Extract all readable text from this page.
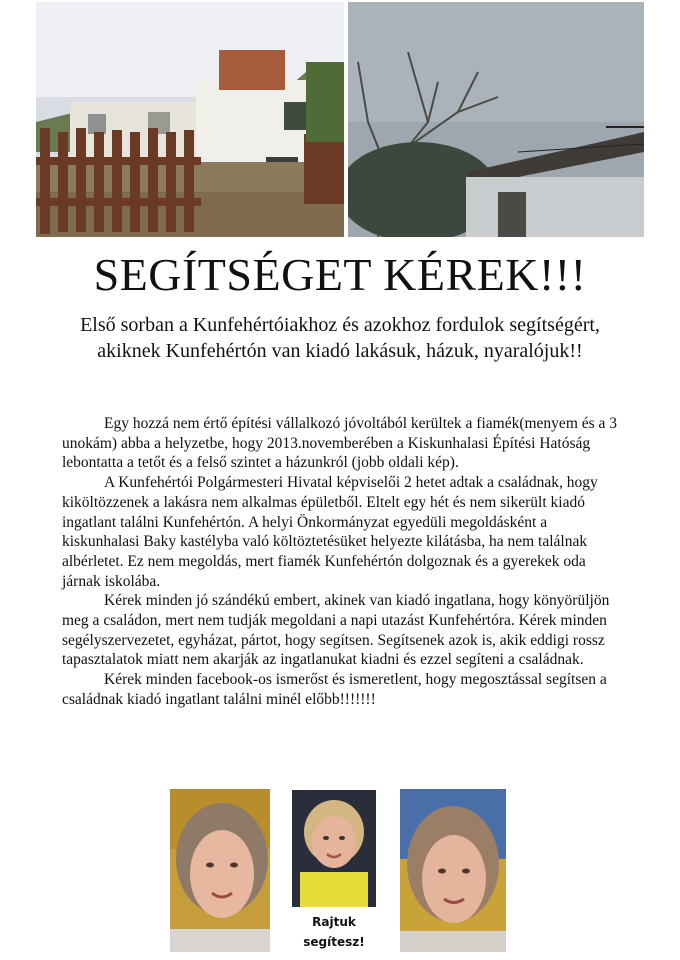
SEGÍTSÉGET KÉREK!!!
Első sorban a Kunfehértóiakhoz és azokhoz fordulok segítségért, akiknek Kunfehértón van kiadó lakásuk, házuk, nyaralójuk!!

Egy hozzá nem értő építési vállalkozó jóvoltából kerültek a fiamék(menyem és a 3 unokám) abba a helyzetbe, hogy 2013.novemberében a Kiskunhalasi Építési Hatóság lebontatta a tetőt és a felső szintet a házunkról (jobb oldali kép).

A Kunfehértói Polgármesteri Hivatal képviselői 2 hetet adtak a családnak, hogy kiköltözzenek a lakásra nem alkalmas épületből. Eltelt egy hét és nem sikerült kiadó ingatlant találni Kunfehértón. A helyi Önkormányzat egyedüli megoldásként a kiskunhalasi Baky kastélyba való költöztetésüket helyezte kilátásba, ha nem találnak albérletet. Ez nem megoldás, mert fiamék Kunfehértón dolgoznak és a gyerekek oda járnak iskolába.

Kérek minden jó szándékú embert, akinek van kiadó ingatlana, hogy könyörüljön meg a családon, mert nem tudják megoldani a napi utazást Kunfehértóra. Kérek minden segélyszervezetet, egyházat, pártot, hogy segítsen. Segítsenek azok is, akik eddigi rossz tapasztalatok miatt nem akarják az ingatlanukat kiadni és ezzel segíteni a családnak.

Kérek minden facebook-os ismerőst és ismeretlent, hogy megosztással segítsen a családnak kiadó ingatlant találni minél előbb!!!!!!!

Rajtuk
segítesz!
